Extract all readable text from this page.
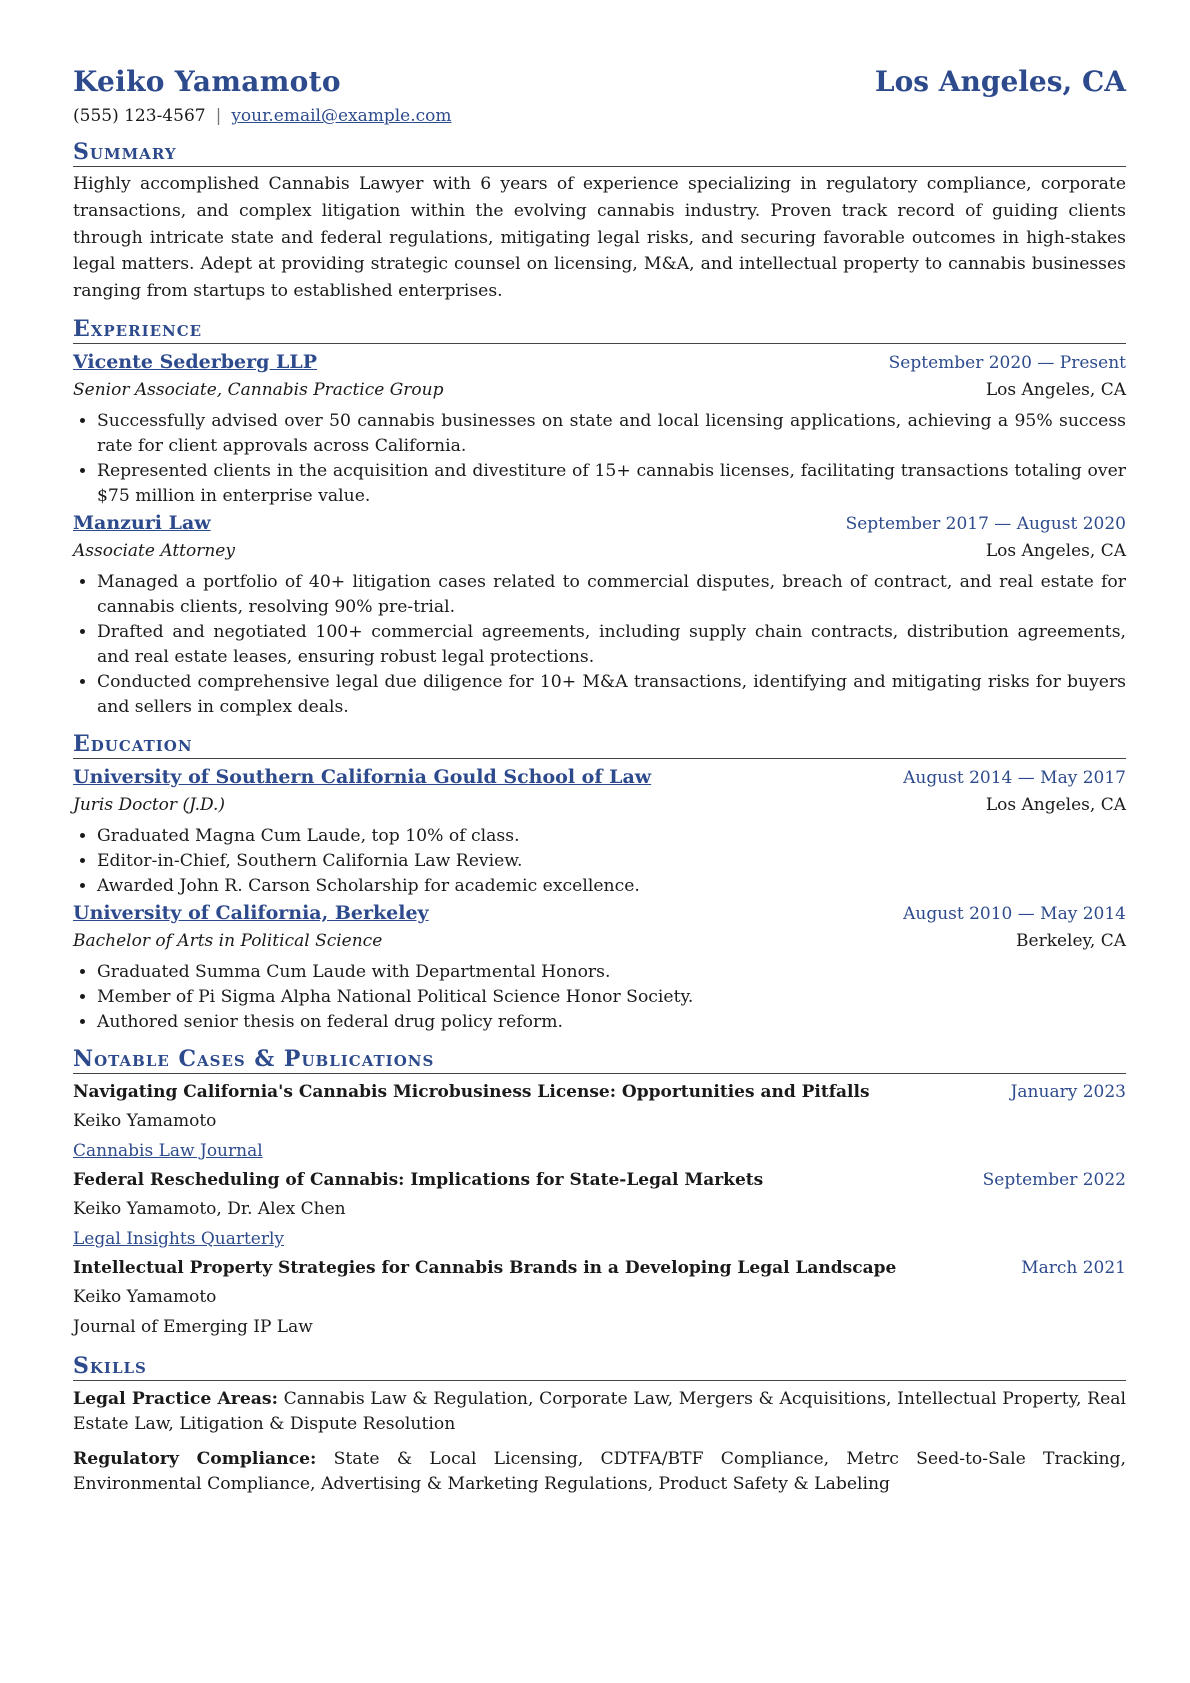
Keiko Yamamoto	Los Angeles, CA
(555) 123-4567 | your.email@example.com
Summary
Highly accomplished Cannabis Lawyer with 6 years of experience specializing in regulatory compliance, corporate transactions, and complex litigation within the evolving cannabis industry. Proven track record of guiding clients through intricate state and federal regulations, mitigating legal risks, and securing favorable outcomes in high-stakes legal matters. Adept at providing strategic counsel on licensing, M&A, and intellectual property to cannabis businesses ranging from startups to established enterprises.
Experience
Vicente Sederberg LLP	September 2020 — Present
Senior Associate, Cannabis Practice Group	Los Angeles, CA
• Successfully advised over 50 cannabis businesses on state and local licensing applications, achieving a 95% success rate for client approvals across California.
• Represented clients in the acquisition and divestiture of 15+ cannabis licenses, facilitating transactions totaling over $75 million in enterprise value.
Manzuri Law	September 2017 — August 2020
Associate Attorney	Los Angeles, CA
• Managed a portfolio of 40+ litigation cases related to commercial disputes, breach of contract, and real estate for cannabis clients, resolving 90% pre-trial.
• Drafted and negotiated 100+ commercial agreements, including supply chain contracts, distribution agreements, and real estate leases, ensuring robust legal protections.
• Conducted comprehensive legal due diligence for 10+ M&A transactions, identifying and mitigating risks for buyers and sellers in complex deals.
Education
University of Southern California Gould School of Law	August 2014 — May 2017
Juris Doctor (J.D.)	Los Angeles, CA
• Graduated Magna Cum Laude, top 10% of class.
• Editor-in-Chief, Southern California Law Review.
• Awarded John R. Carson Scholarship for academic excellence.
University of California, Berkeley	August 2010 — May 2014
Bachelor of Arts in Political Science	Berkeley, CA
• Graduated Summa Cum Laude with Departmental Honors.
• Member of Pi Sigma Alpha National Political Science Honor Society.
• Authored senior thesis on federal drug policy reform.
Notable Cases & Publications
Navigating California's Cannabis Microbusiness License: Opportunities and Pitfalls	January 2023
Keiko Yamamoto
Cannabis Law Journal
Federal Rescheduling of Cannabis: Implications for State-Legal Markets	September 2022
Keiko Yamamoto, Dr. Alex Chen
Legal Insights Quarterly
Intellectual Property Strategies for Cannabis Brands in a Developing Legal Landscape	March 2021
Keiko Yamamoto
Journal of Emerging IP Law
Skills
Legal Practice Areas: Cannabis Law & Regulation, Corporate Law, Mergers & Acquisitions, Intellectual Property, Real Estate Law, Litigation & Dispute Resolution
Regulatory Compliance: State & Local Licensing, CDTFA/BTF Compliance, Metrc Seed-to-Sale Tracking, Environmental Compliance, Advertising & Marketing Regulations, Product Safety & Labeling
